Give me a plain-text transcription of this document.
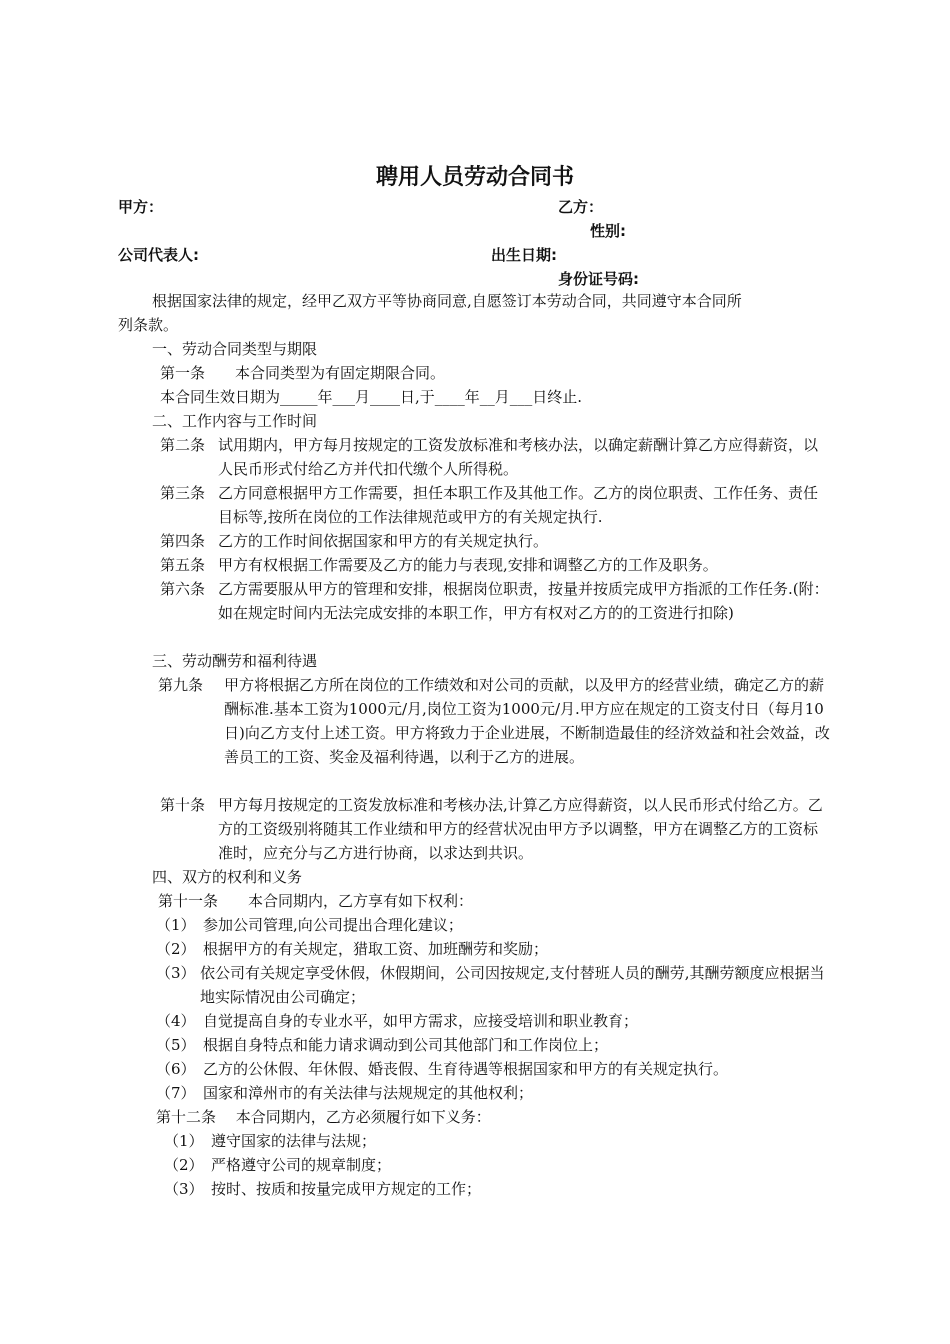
聘用人员劳动合同书
甲方：	乙方：
性别:
公司代表人:	出生日期:
身份证号码:
根据国家法律的规定，经甲乙双方平等协商同意,自愿签订本劳动合同，共同遵守本合同所
列条款。
一、劳动合同类型与期限
第一条　　本合同类型为有固定期限合同。
本合同生效日期为_____年___月____日,于____年__月___日终止.
二、工作内容与工作时间
第二条 试用期内，甲方每月按规定的工资发放标准和考核办法，以确定薪酬计算乙方应得薪资，以人民币形式付给乙方并代扣代缴个人所得税。
第三条 乙方同意根据甲方工作需要，担任本职工作及其他工作。乙方的岗位职责、工作任务、责任目标等,按所在岗位的工作法律规范或甲方的有关规定执行.
第四条 乙方的工作时间依据国家和甲方的有关规定执行。
第五条 甲方有权根据工作需要及乙方的能力与表现,安排和调整乙方的工作及职务。
第六条 乙方需要服从甲方的管理和安排，根据岗位职责，按量并按质完成甲方指派的工作任务.(附：如在规定时间内无法完成安排的本职工作，甲方有权对乙方的的工资进行扣除)
三、劳动酬劳和福利待遇
第九条 甲方将根据乙方所在岗位的工作绩效和对公司的贡献，以及甲方的经营业绩，确定乙方的薪酬标准.基本工资为1000元/月,岗位工资为1000元/月.甲方应在规定的工资支付日（每月10日)向乙方支付上述工资。甲方将致力于企业进展，不断制造最佳的经济效益和社会效益，改善员工的工资、奖金及福利待遇，以利于乙方的进展。
第十条 甲方每月按规定的工资发放标准和考核办法,计算乙方应得薪资，以人民币形式付给乙方。乙方的工资级别将随其工作业绩和甲方的经营状况由甲方予以调整，甲方在调整乙方的工资标准时，应充分与乙方进行协商，以求达到共识。
四、双方的权利和义务
第十一条　　本合同期内，乙方享有如下权利：
（1）　参加公司管理,向公司提出合理化建议；
（2）　根据甲方的有关规定，猎取工资、加班酬劳和奖励；
（3） 依公司有关规定享受休假，休假期间，公司因按规定,支付替班人员的酬劳,其酬劳额度应根据当地实际情况由公司确定；
（4）　自觉提高自身的专业水平，如甲方需求，应接受培训和职业教育；
（5）　根据自身特点和能力请求调动到公司其他部门和工作岗位上；
（6）　乙方的公休假、年休假、婚丧假、生育待遇等根据国家和甲方的有关规定执行。
（7）　国家和漳州市的有关法律与法规规定的其他权利；
第十二条　 本合同期内，乙方必须履行如下义务：
（1）　遵守国家的法律与法规；
（2）　严格遵守公司的规章制度；
（3）　按时、按质和按量完成甲方规定的工作；
